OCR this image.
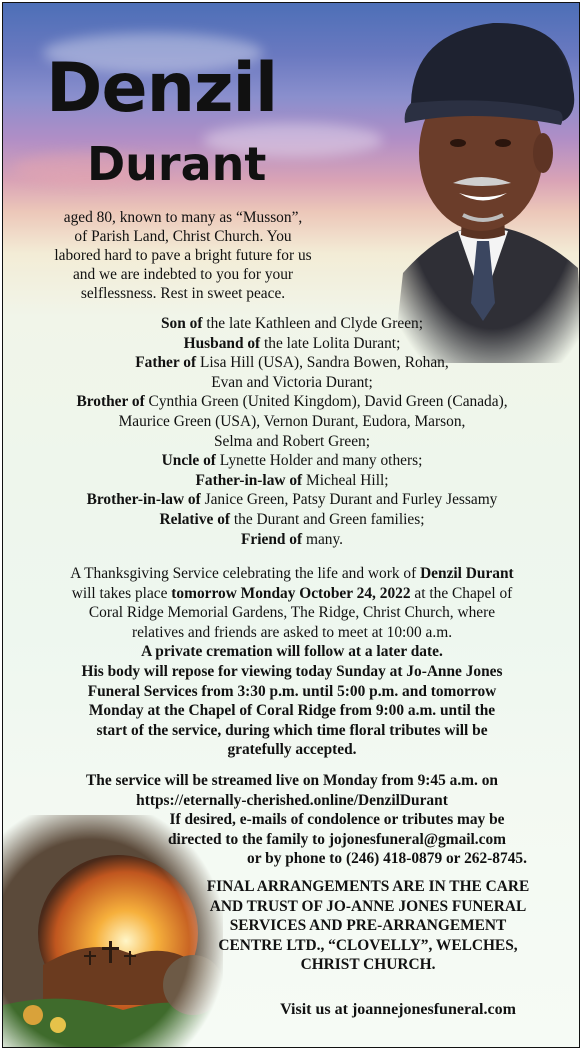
Denzil
Durant
aged 80, known to many as “Musson”,
of Parish Land, Christ Church. You
labored hard to pave a bright future for us
and we are indebted to you for your
selflessness. Rest in sweet peace.

Son of the late Kathleen and Clyde Green;

Husband of the late Lolita Durant;

Father of Lisa Hill (USA), Sandra Bowen, Rohan,

Evan and Victoria Durant;

Brother of Cynthia Green (United Kingdom), David Green (Canada),

Maurice Green (USA), Vernon Durant, Eudora, Marson,

Selma and Robert Green;

Uncle of Lynette Holder and many others;

Father-in-law of Micheal Hill;

Brother-in-law of Janice Green, Patsy Durant and Furley Jessamy

Relative of the Durant and Green families;

Friend of many.

A Thanksgiving Service celebrating the life and work of Denzil Durant

will takes place tomorrow Monday October 24, 2022 at the Chapel of

Coral Ridge Memorial Gardens, The Ridge, Christ Church, where

relatives and friends are asked to meet at 10:00 a.m.

A private cremation will follow at a later date.

His body will repose for viewing today Sunday at Jo-Anne Jones

Funeral Services from 3:30 p.m. until 5:00 p.m. and tomorrow

Monday at the Chapel of Coral Ridge from 9:00 a.m. until the

start of the service, during which time floral tributes will be

gratefully accepted.

The service will be streamed live on Monday from 9:45 a.m. on

https://eternally-cherished.online/DenzilDurant

If desired, e-mails of condolence or tributes may be

directed to the family to jojonesfuneral@gmail.com

or by phone to (246) 418-0879 or 262-8745.

FINAL ARRANGEMENTS ARE IN THE CARE

AND TRUST OF JO-ANNE JONES FUNERAL

SERVICES AND PRE-ARRANGEMENT

CENTRE LTD., “CLOVELLY”, WELCHES,

CHRIST CHURCH.

Visit us at joannejonesfuneral.com
